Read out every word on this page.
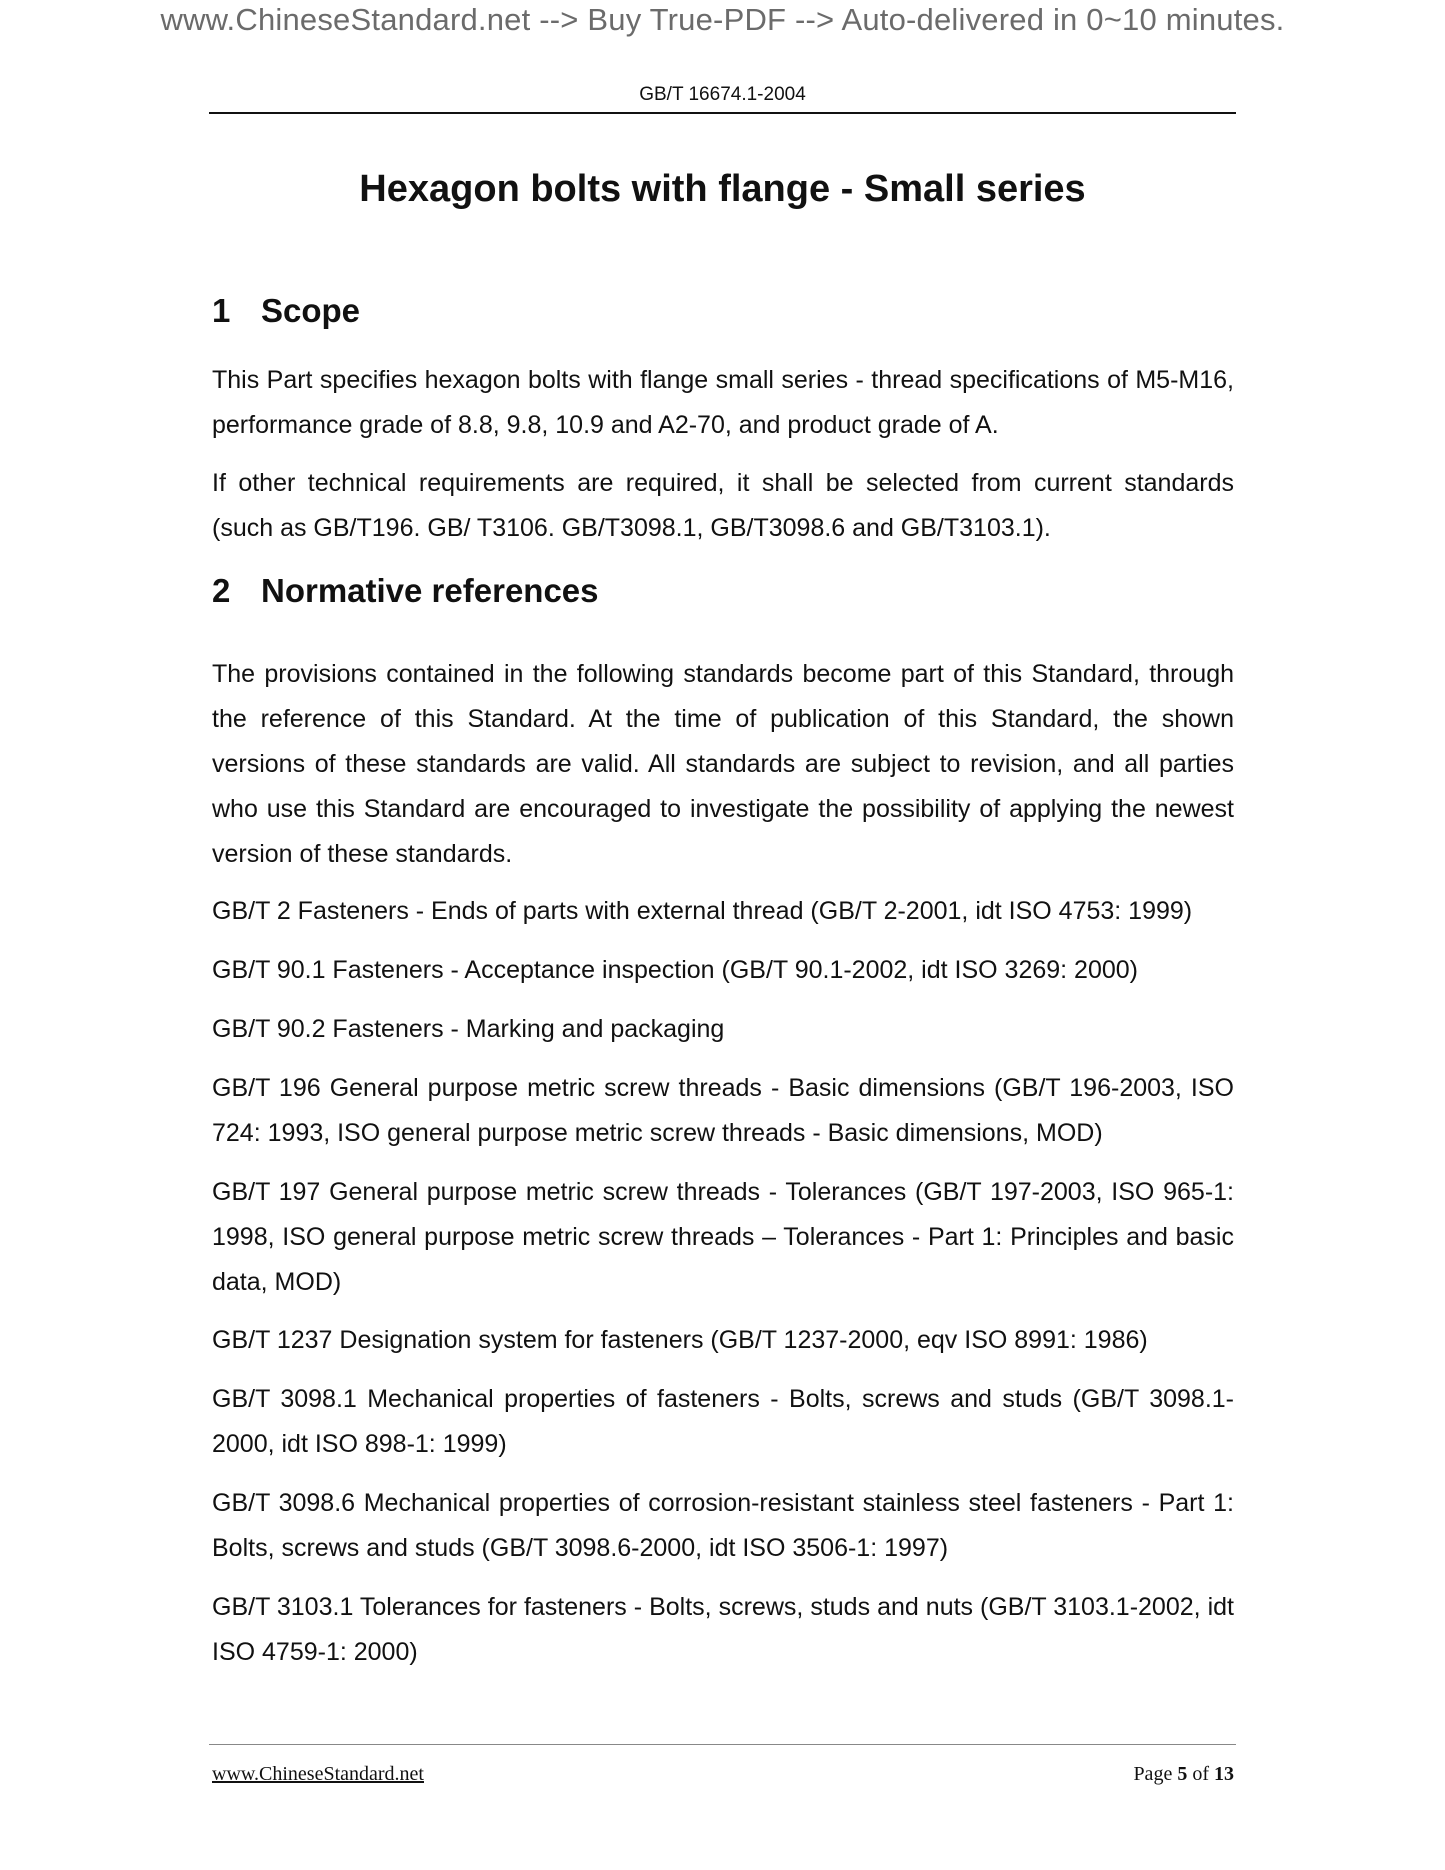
www.ChineseStandard.net --> Buy True-PDF --> Auto-delivered in 0~10 minutes.
GB/T 16674.1-2004
Hexagon bolts with flange - Small series
1 Scope
This Part specifies hexagon bolts with flange small series - thread specifications of M5-M16, performance grade of 8.8, 9.8, 10.9 and A2-70, and product grade of A.
If other technical requirements are required, it shall be selected from current standards (such as GB/T196. GB/ T3106. GB/T3098.1, GB/T3098.6 and GB/T3103.1).
2 Normative references
The provisions contained in the following standards become part of this Standard, through the reference of this Standard. At the time of publication of this Standard, the shown versions of these standards are valid. All standards are subject to revision, and all parties who use this Standard are encouraged to investigate the possibility of applying the newest version of these standards.
GB/T 2 Fasteners - Ends of parts with external thread (GB/T 2-2001, idt ISO 4753: 1999)
GB/T 90.1 Fasteners - Acceptance inspection (GB/T 90.1-2002, idt ISO 3269: 2000)
GB/T 90.2 Fasteners - Marking and packaging
GB/T 196 General purpose metric screw threads - Basic dimensions (GB/T 196-2003, ISO 724: 1993, ISO general purpose metric screw threads - Basic dimensions, MOD)
GB/T 197 General purpose metric screw threads - Tolerances (GB/T 197-2003, ISO 965-1: 1998, ISO general purpose metric screw threads – Tolerances - Part 1: Principles and basic data, MOD)
GB/T 1237 Designation system for fasteners (GB/T 1237-2000, eqv ISO 8991: 1986)
GB/T 3098.1 Mechanical properties of fasteners - Bolts, screws and studs (GB/T 3098.1-2000, idt ISO 898-1: 1999)
GB/T 3098.6 Mechanical properties of corrosion-resistant stainless steel fasteners - Part 1: Bolts, screws and studs (GB/T 3098.6-2000, idt ISO 3506-1: 1997)
GB/T 3103.1 Tolerances for fasteners - Bolts, screws, studs and nuts (GB/T 3103.1-2002, idt ISO 4759-1: 2000)
www.ChineseStandard.net	Page 5 of 13
